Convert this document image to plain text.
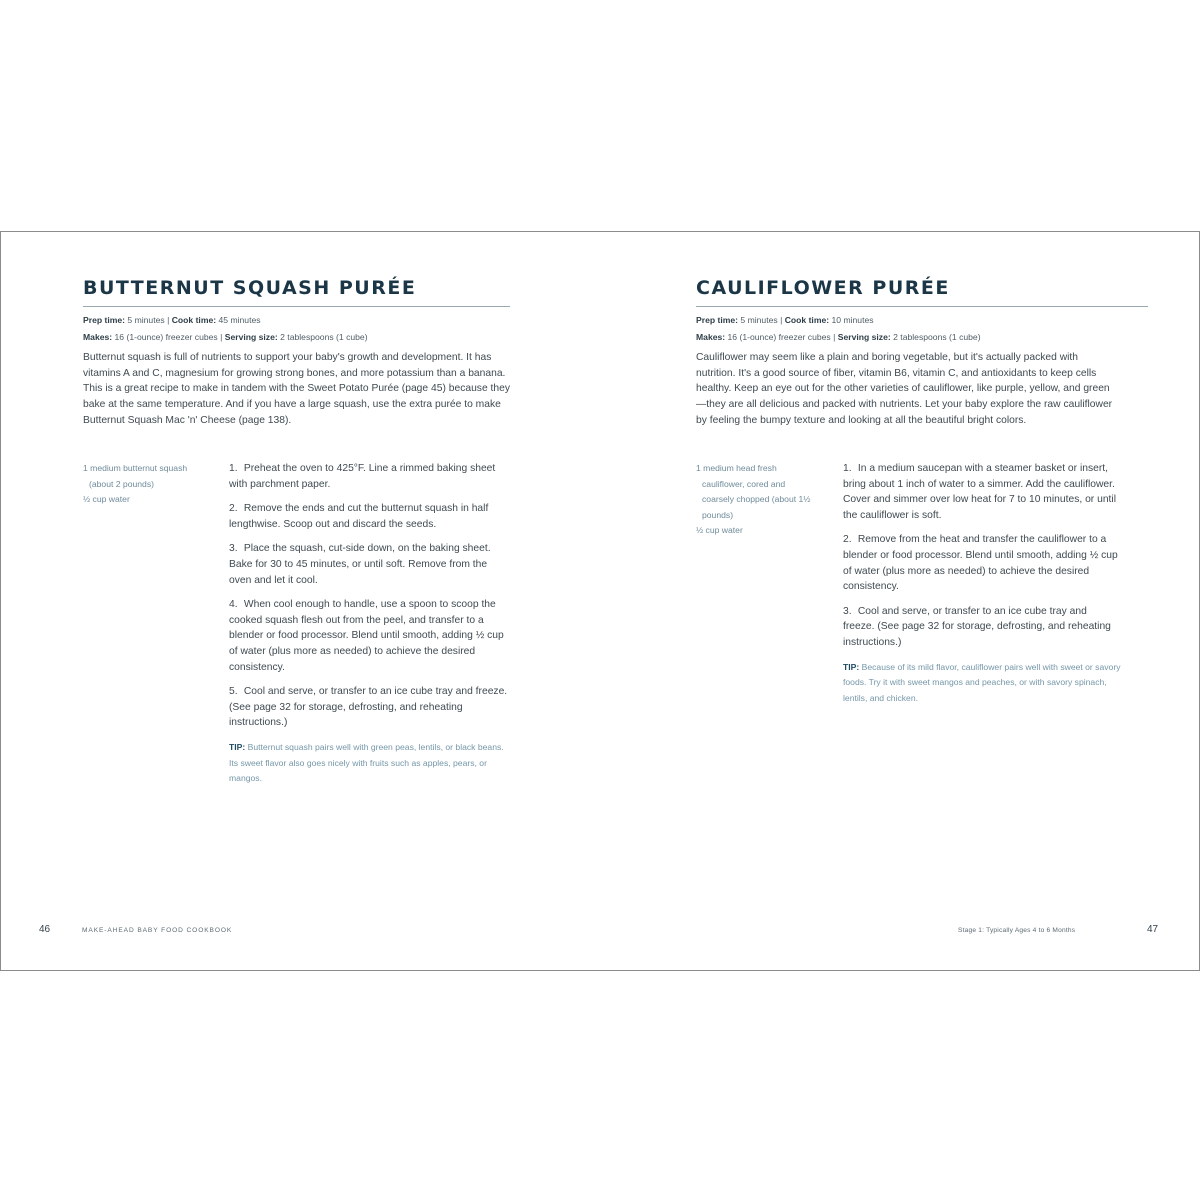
BUTTERNUT SQUASH PURÉE
Prep time: 5 minutes | Cook time: 45 minutes
Makes: 16 (1-ounce) freezer cubes | Serving size: 2 tablespoons (1 cube)

Butternut squash is full of nutrients to support your baby's growth and development. It has vitamins A and C, magnesium for growing strong bones, and more potassium than a banana. This is a great recipe to make in tandem with the Sweet Potato Purée (page 45) because they bake at the same temperature. And if you have a large squash, use the extra purée to make Butternut Squash Mac 'n' Cheese (page 138).

1 medium butternut squash (about 2 pounds)
½ cup water
1. Preheat the oven to 425°F. Line a rimmed baking sheet with parchment paper.
2. Remove the ends and cut the butternut squash in half lengthwise. Scoop out and discard the seeds.
3. Place the squash, cut-side down, on the baking sheet. Bake for 30 to 45 minutes, or until soft. Remove from the oven and let it cool.
4. When cool enough to handle, use a spoon to scoop the cooked squash flesh out from the peel, and transfer to a blender or food processor. Blend until smooth, adding ½ cup of water (plus more as needed) to achieve the desired consistency.
5. Cool and serve, or transfer to an ice cube tray and freeze. (See page 32 for storage, defrosting, and reheating instructions.)
TIP: Butternut squash pairs well with green peas, lentils, or black beans. Its sweet flavor also goes nicely with fruits such as apples, pears, or mangos.
46	MAKE-AHEAD BABY FOOD COOKBOOK
CAULIFLOWER PURÉE
Prep time: 5 minutes | Cook time: 10 minutes
Makes: 16 (1-ounce) freezer cubes | Serving size: 2 tablespoons (1 cube)

Cauliflower may seem like a plain and boring vegetable, but it's actually packed with nutrition. It's a good source of fiber, vitamin B6, vitamin C, and antioxidants to keep cells healthy. Keep an eye out for the other varieties of cauliflower, like purple, yellow, and green—they are all delicious and packed with nutrients. Let your baby explore the raw cauliflower by feeling the bumpy texture and looking at all the beautiful bright colors.

1 medium head fresh cauliflower, cored and coarsely chopped (about 1½ pounds)
½ cup water
1. In a medium saucepan with a steamer basket or insert, bring about 1 inch of water to a simmer. Add the cauliflower. Cover and simmer over low heat for 7 to 10 minutes, or until the cauliflower is soft.
2. Remove from the heat and transfer the cauliflower to a blender or food processor. Blend until smooth, adding ½ cup of water (plus more as needed) to achieve the desired consistency.
3. Cool and serve, or transfer to an ice cube tray and freeze. (See page 32 for storage, defrosting, and reheating instructions.)
TIP: Because of its mild flavor, cauliflower pairs well with sweet or savory foods. Try it with sweet mangos and peaches, or with savory spinach, lentils, and chicken.
Stage 1: Typically Ages 4 to 6 Months	47
